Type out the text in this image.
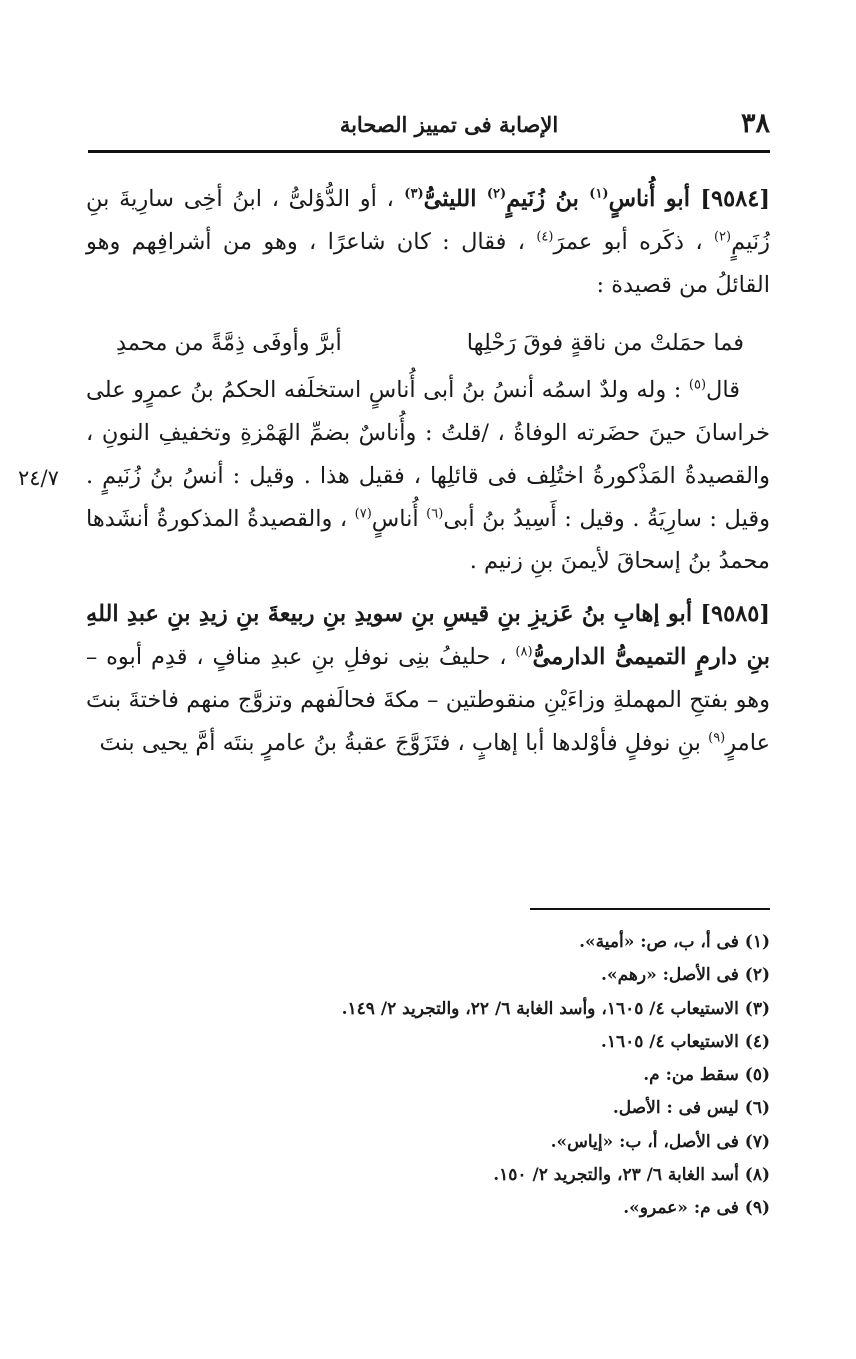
٣٨
الإصابة فى تمييز الصحابة
٢٤/٧

[٩٥٨٤] أبو أُناسٍ$^{(١)}$ بنُ زُنَيمٍ$^{(٢)}$ الليثىُّ$^{(٣)}$ ، أو الدُّؤلىُّ ، ابنُ أخِى سارِيةَ بنِ زُنَيمٍ$^{(٢)}$ ، ذكَره أبو عمرَ$^{(٤)}$ ، فقال : كان شاعرًا ، وهو من أشرافِهم وهو القائلُ من قصيدة :

فما حمَلتْ من ناقةٍ فوقَ رَحْلِها
أبرَّ وأوفَى ذِمَّةً من محمدِ

قال$^{(٥)}$ : وله ولدٌ اسمُه أنسُ بنُ أبى أُناسٍ استخلَفه الحكمُ بنُ عمرٍو على خراسانَ حينَ حضَرته الوفاةُ ، /قلتُ : وأُناسٌ بضمِّ الهَمْزةِ وتخفيفِ النونِ ، والقصيدةُ المَذْكورةُ اختُلِف فى قائلِها ، فقيل هذا . وقيل : أنسُ بنُ زُنَيمٍ . وقيل : سارِيَةُ . وقيل : أَسِيدُ بنُ أبى$^{(٦)}$ أُناسٍ$^{(٧)}$ ، والقصيدةُ المذكورةُ أنشَدها محمدُ بنُ إسحاقَ لأيمنَ بنِ زنيم .

[٩٥٨٥] أبو إهابِ بنُ عَزيزِ بنِ قيسِ بنِ سويدِ بنِ ربيعةَ بنِ زيدِ بنِ عبدِ اللهِ بنِ دارمٍ التميمىُّ الدارمىُّ$^{(٨)}$ ، حليفُ بنِى نوفلِ بنِ عبدِ منافٍ ، قدِم أبوه – وهو بفتحِ المهملةِ وزاءَيْنِ منقوطتين – مكةَ فحالَفهم وتزوَّج منهم فاختةَ بنتَ عامرٍ$^{(٩)}$ بنِ نوفلٍ فأوْلدها أبا إهابٍ ، فتَزَوَّجَ عقبةُ بنُ عامرٍ بنتَه أمَّ يحيى بنتَ

(١) فى أ، ب، ص: «أمية».
(٢) فى الأصل: «رهم».
(٣) الاستيعاب ٤/ ١٦٠٥، وأسد الغابة ٦/ ٢٢، والتجريد ٢/ ١٤٩.
(٤) الاستيعاب ٤/ ١٦٠٥.
(٥) سقط من: م.
(٦) ليس فى : الأصل.
(٧) فى الأصل، أ، ب: «إياس».
(٨) أسد الغابة ٦/ ٢٣، والتجريد ٢/ ١٥٠.
(٩) فى م: «عمرو».
